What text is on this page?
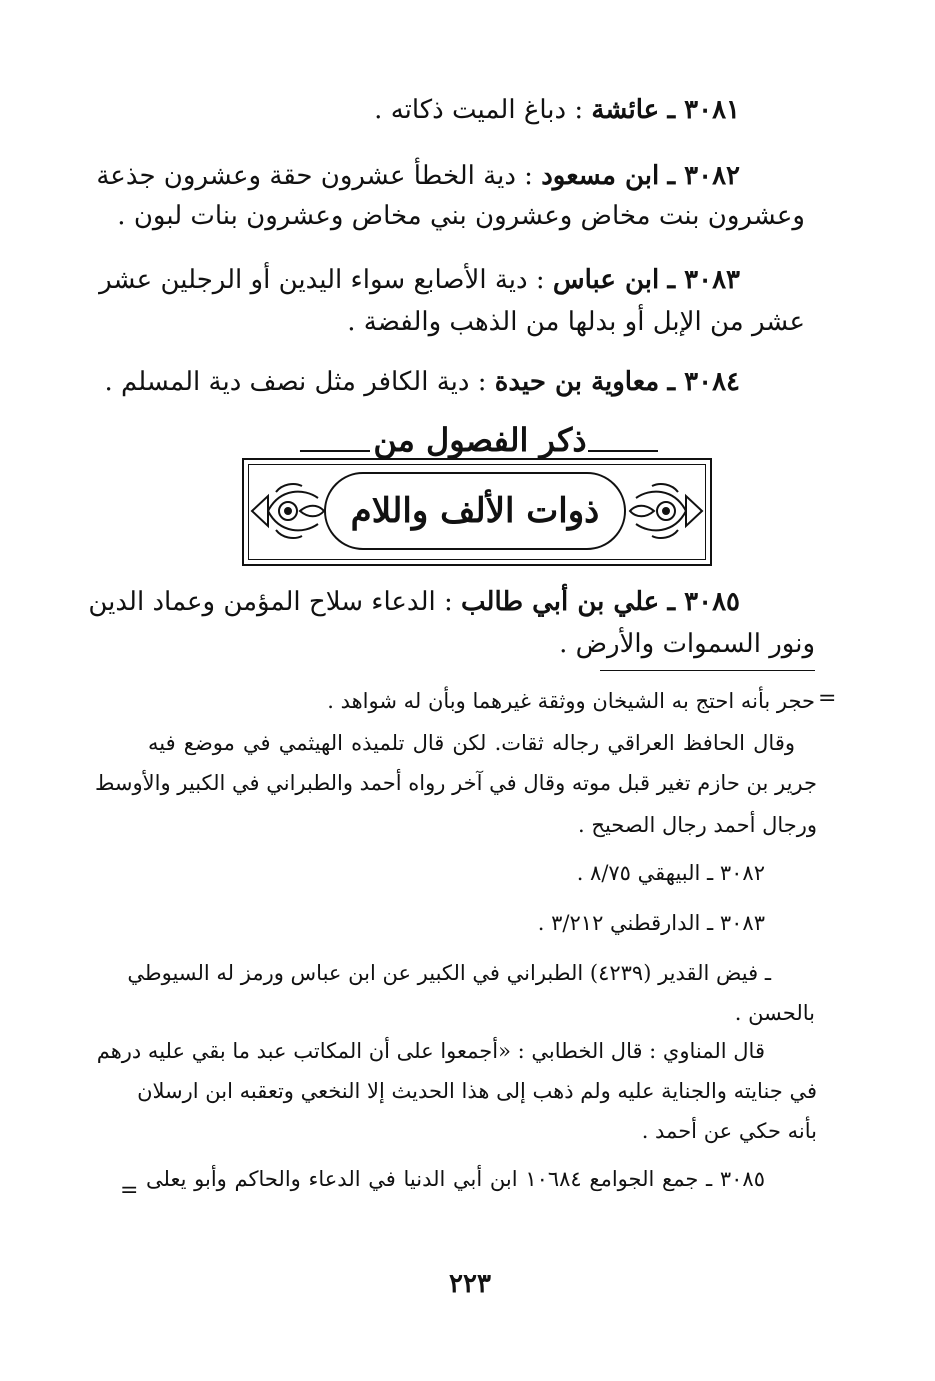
٣٠٨١ ـ عائشة : دباغ الميت ذكاته .
٣٠٨٢ ـ ابن مسعود : دية الخطأ عشرون حقة وعشرون جذعة
وعشرون بنت مخاض وعشرون بني مخاض وعشرون بنات لبون .
٣٠٨٣ ـ ابن عباس : دية الأصابع سواء اليدين أو الرجلين عشر
عشر من الإبل أو بدلها من الذهب والفضة .
٣٠٨٤ ـ معاوية بن حيدة : دية الكافر مثل نصف دية المسلم .
ذكر الفصول من
ذوات الألف واللام
٣٠٨٥ ـ علي بن أبي طالب : الدعاء سلاح المؤمن وعماد الدين
ونور السموات والأرض .
=
حجر بأنه احتج به الشيخان ووثقة غيرهما وبأن له شواهد .
وقال الحافظ العراقي رجاله ثقات. لكن قال تلميذه الهيثمي في موضع فيه
جرير بن حازم تغير قبل موته وقال في آخر رواه أحمد والطبراني في الكبير والأوسط
ورجال أحمد رجال الصحيح .
٣٠٨٢ ـ البيهقي ٨/٧٥ .
٣٠٨٣ ـ الدارقطني ٣/٢١٢ .
ـ فيض القدير (٤٢٣٩) الطبراني في الكبير عن ابن عباس ورمز له السيوطي
بالحسن .
قال المناوي : قال الخطابي : «أجمعوا على أن المكاتب عبد ما بقي عليه درهم
في جنايته والجناية عليه ولم ذهب إلى هذا الحديث إلا النخعي وتعقبه ابن ارسلان
بأنه حكي عن أحمد .
٣٠٨٥ ـ جمع الجوامع ١٠٦٨٤ ابن أبي الدنيا في الدعاء والحاكم وأبو يعلى
=
٢٢٣
